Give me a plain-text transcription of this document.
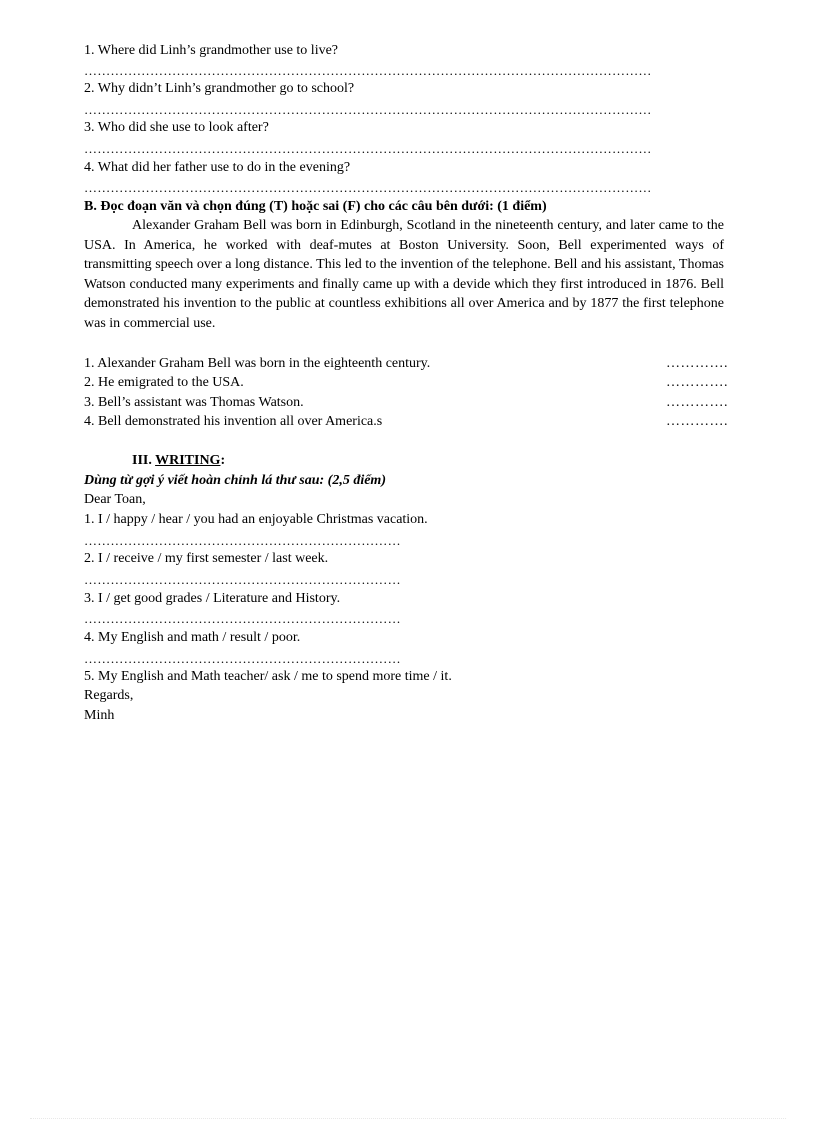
1. Where did Linh’s grandmother use to live?
…………………………………………………………………………………………………………………
2. Why didn’t Linh’s grandmother go to school?
…………………………………………………………………………………………………………………
3. Who did she use to look after?
…………………………………………………………………………………………………………………
4. What did her father use to do in the evening?
…………………………………………………………………………………………………………………
B. Đọc đoạn văn và chọn đúng (T) hoặc sai (F) cho các câu bên dưới: (1 điểm)

Alexander Graham Bell was born in Edinburgh, Scotland in the nineteenth century, and later came to the USA. In America, he worked with deaf-mutes at Boston University. Soon, Bell experimented ways of transmitting speech over a long distance. This led to the invention of the telephone. Bell and his assistant, Thomas Watson conducted many experiments and finally came up with a devide which they first introduced in 1876. Bell demonstrated his invention to the public at countless exhibitions all over America and by 1877 the first telephone was in commercial use.

1. Alexander Graham Bell was born in the eighteenth century.	………….
2. He emigrated to the USA.	………….
3. Bell’s assistant was Thomas Watson.	………….
4. Bell demonstrated his invention all over America.s	………….
III. WRITING:
Dùng từ gợi ý viết hoàn chỉnh lá thư sau: (2,5 điểm)
Dear Toan,
1. I / happy / hear / you had an enjoyable Christmas vacation.
………………………………………………………………
2. I / receive / my first semester / last week.
………………………………………………………………
3. I / get good grades / Literature and History.
………………………………………………………………
4. My English and math / result / poor.
………………………………………………………………
5. My English and Math teacher/ ask / me to spend more time / it.
Regards,
Minh
